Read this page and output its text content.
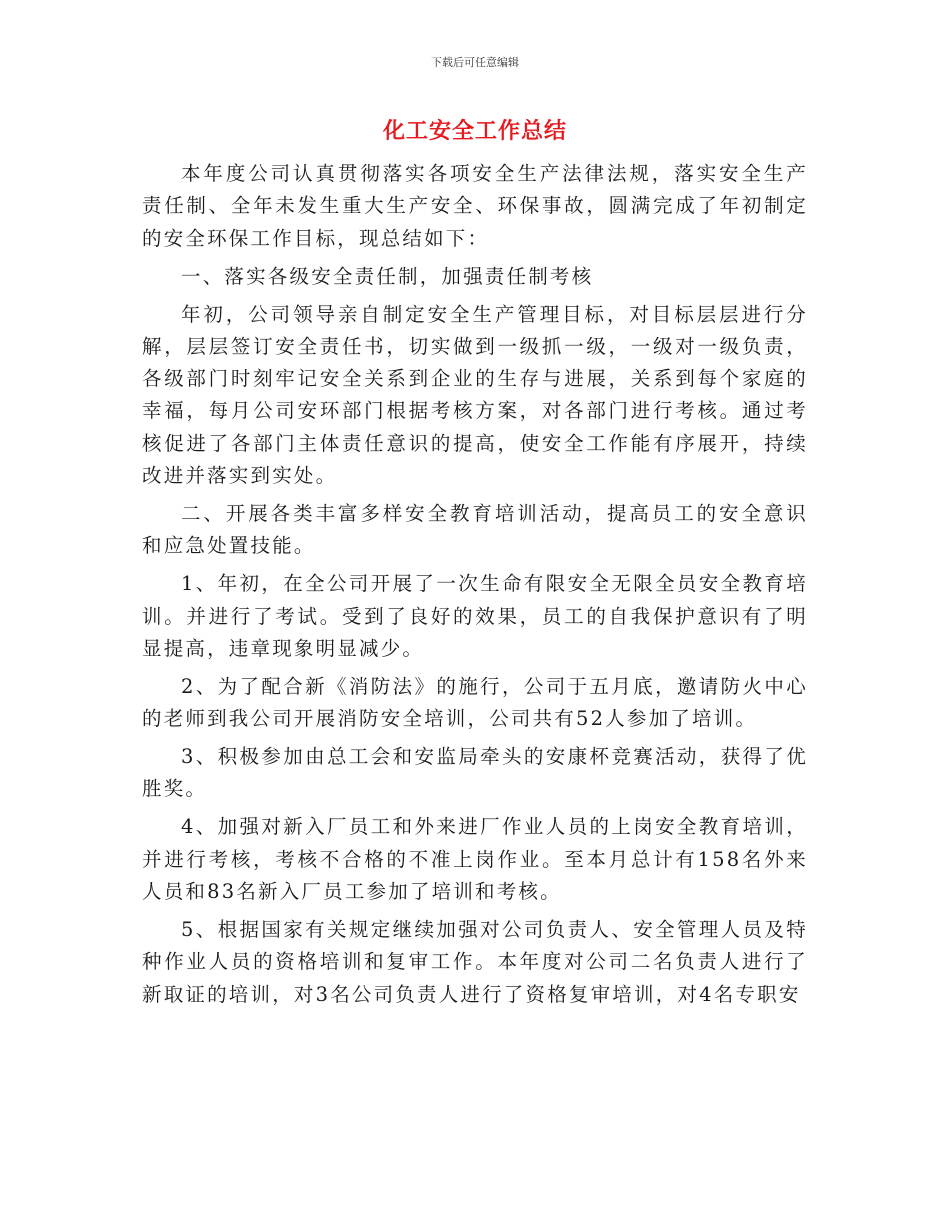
下载后可任意编辑
化工安全工作总结

本年度公司认真贯彻落实各项安全生产法律法规，落实安全生产责任制、全年未发生重大生产安全、环保事故，圆满完成了年初制定的安全环保工作目标，现总结如下：

一、落实各级安全责任制，加强责任制考核

年初，公司领导亲自制定安全生产管理目标，对目标层层进行分解，层层签订安全责任书，切实做到一级抓一级，一级对一级负责，各级部门时刻牢记安全关系到企业的生存与进展，关系到每个家庭的幸福，每月公司安环部门根据考核方案，对各部门进行考核。通过考核促进了各部门主体责任意识的提高，使安全工作能有序展开，持续改进并落实到实处。

二、开展各类丰富多样安全教育培训活动，提高员工的安全意识和应急处置技能。

1、年初，在全公司开展了一次生命有限安全无限全员安全教育培训。并进行了考试。受到了良好的效果，员工的自我保护意识有了明显提高，违章现象明显减少。

2、为了配合新《消防法》的施行，公司于五月底，邀请防火中心的老师到我公司开展消防安全培训，公司共有52人参加了培训。

3、积极参加由总工会和安监局牵头的安康杯竞赛活动，获得了优胜奖。

4、加强对新入厂员工和外来进厂作业人员的上岗安全教育培训，并进行考核，考核不合格的不准上岗作业。至本月总计有158名外来人员和83名新入厂员工参加了培训和考核。

5、根据国家有关规定继续加强对公司负责人、安全管理人员及特种作业人员的资格培训和复审工作。本年度对公司二名负责人进行了新取证的培训，对3名公司负责人进行了资格复审培训，对4名专职安
